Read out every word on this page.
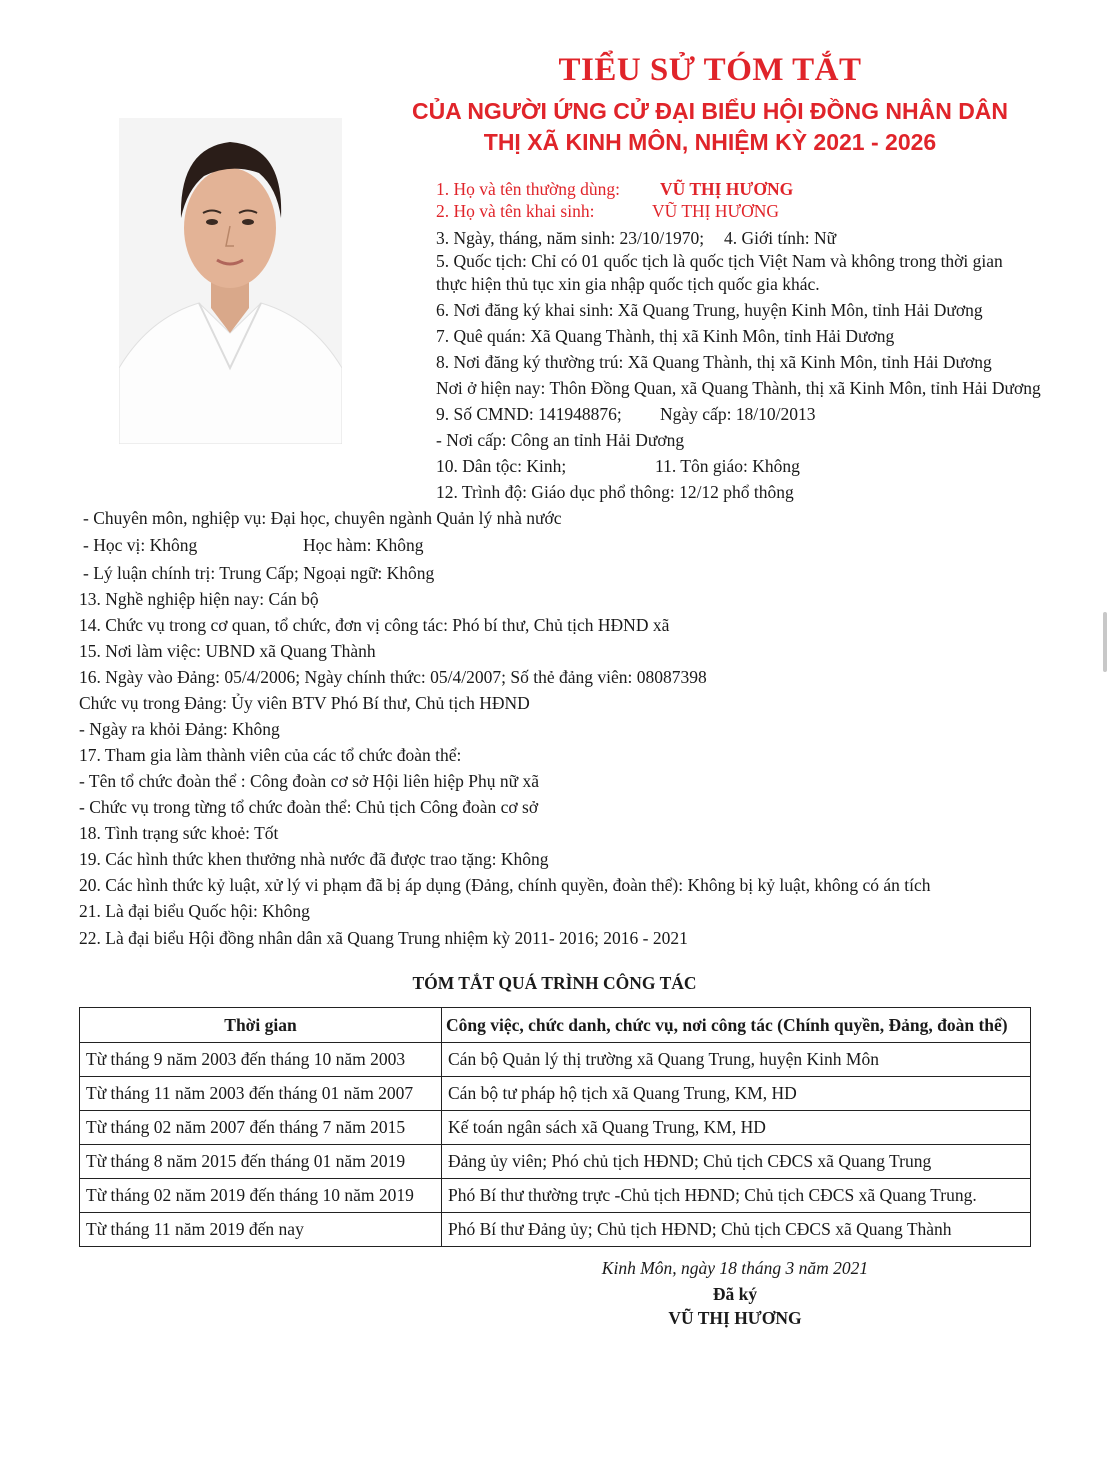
TIỂU SỬ TÓM TẮT
CỦA NGƯỜI ỨNG CỬ ĐẠI BIỂU HỘI ĐỒNG NHÂN DÂN
THỊ XÃ KINH MÔN, NHIỆM KỲ 2021 - 2026
1. Họ và tên thường dùng: VŨ THỊ HƯƠNG
2. Họ và tên khai sinh:	VŨ THỊ HƯƠNG
3. Ngày, tháng, năm sinh: 23/10/1970; 4. Giới tính: Nữ
5. Quốc tịch: Chỉ có 01 quốc tịch là quốc tịch Việt Nam và không trong thời gian
thực hiện thủ tục xin gia nhập quốc tịch quốc gia khác.
6. Nơi đăng ký khai sinh: Xã Quang Trung, huyện Kinh Môn, tỉnh Hải Dương
7. Quê quán: Xã Quang Thành, thị xã Kinh Môn, tỉnh Hải Dương
8. Nơi đăng ký thường trú: Xã Quang Thành, thị xã Kinh Môn, tỉnh Hải Dương
Nơi ở hiện nay: Thôn Đồng Quan, xã Quang Thành, thị xã Kinh Môn, tỉnh Hải Dương
9. Số CMND: 141948876; Ngày cấp: 18/10/2013
- Nơi cấp: Công an tỉnh Hải Dương
10. Dân tộc: Kinh;	11. Tôn giáo: Không
12. Trình độ: Giáo dục phổ thông: 12/12 phổ thông
- Chuyên môn, nghiệp vụ: Đại học, chuyên ngành Quản lý nhà nước
- Học vị: Không	Học hàm: Không
- Lý luận chính trị: Trung Cấp; Ngoại ngữ: Không
13. Nghề nghiệp hiện nay: Cán bộ
14. Chức vụ trong cơ quan, tổ chức, đơn vị công tác: Phó bí thư, Chủ tịch HĐND xã
15. Nơi làm việc: UBND xã Quang Thành
16. Ngày vào Đảng: 05/4/2006; Ngày chính thức: 05/4/2007; Số thẻ đảng viên: 08087398
Chức vụ trong Đảng: Ủy viên BTV Phó Bí thư, Chủ tịch HĐND
- Ngày ra khỏi Đảng: Không
17. Tham gia làm thành viên của các tổ chức đoàn thể:
- Tên tổ chức đoàn thể : Công đoàn cơ sở Hội liên hiệp Phụ nữ xã
- Chức vụ trong từng tổ chức đoàn thể: Chủ tịch Công đoàn cơ sở
18. Tình trạng sức khoẻ: Tốt
19. Các hình thức khen thưởng nhà nước đã được trao tặng: Không
20. Các hình thức kỷ luật, xử lý vi phạm đã bị áp dụng (Đảng, chính quyền, đoàn thể): Không bị kỷ luật, không có án tích
21. Là đại biểu Quốc hội: Không
22. Là đại biểu Hội đồng nhân dân xã Quang Trung nhiệm kỳ 2011- 2016; 2016 - 2021
TÓM TẮT QUÁ TRÌNH CÔNG TÁC
Thời gian	Công việc, chức danh, chức vụ, nơi công tác (Chính quyền, Đảng, đoàn thể)
Từ tháng 9 năm 2003 đến tháng 10 năm 2003	Cán bộ Quản lý thị trường xã Quang Trung, huyện Kinh Môn
Từ tháng 11 năm 2003 đến tháng 01 năm 2007	Cán bộ tư pháp hộ tịch xã Quang Trung, KM, HD
Từ tháng 02 năm 2007 đến tháng 7 năm 2015	Kế toán ngân sách xã Quang Trung, KM, HD
Từ tháng 8 năm 2015 đến tháng 01 năm 2019	Đảng ủy viên; Phó chủ tịch HĐND; Chủ tịch CĐCS xã Quang Trung
Từ tháng 02 năm 2019 đến tháng 10 năm 2019	Phó Bí thư thường trực -Chủ tịch HĐND; Chủ tịch CĐCS xã Quang Trung.
Từ tháng 11 năm 2019 đến nay	Phó Bí thư Đảng ủy; Chủ tịch HĐND; Chủ tịch CĐCS xã Quang Thành
Kinh Môn, ngày 18 tháng 3 năm 2021
Đã ký
VŨ THỊ HƯƠNG
